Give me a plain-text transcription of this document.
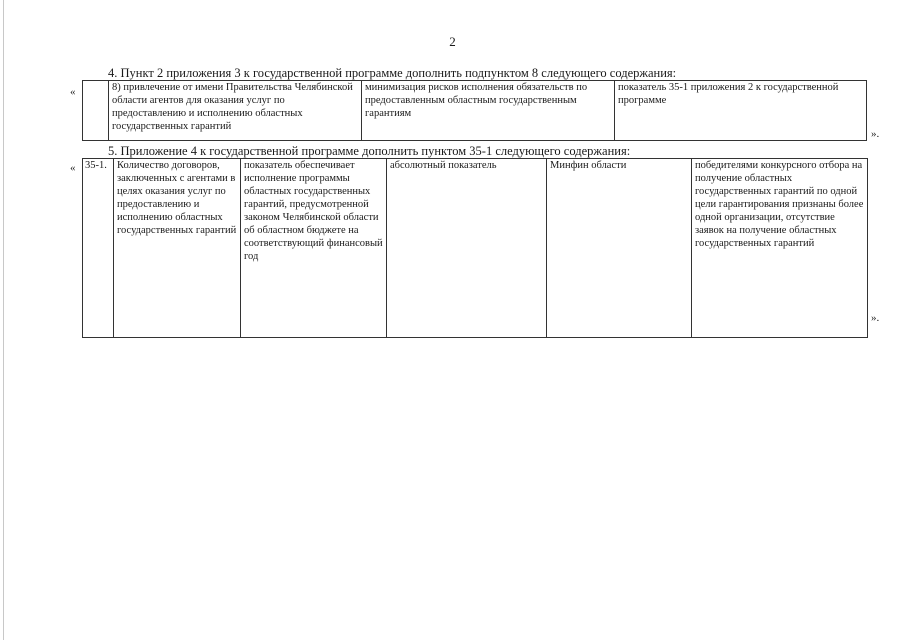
2
4. Пункт 2 приложения 3 к государственной программе дополнить подпунктом 8 следующего содержания:
«
		8) привлечение от имени Правительства Челябинской области агентов для оказания услуг по предоставлению и исполнению областных государственных гарантий	минимизация рисков исполнения обязательств по предоставленным областным государственным гарантиям	показатель 35-1 приложения 2 к государственной программе	
».
5. Приложение 4 к государственной программе дополнить пунктом 35-1 следующего содержания:
« 35-1.	Количество договоров, заключенных с агентами в целях оказания услуг по предоставлению и исполнению областных государственных гарантий	показатель обеспечивает исполнение программы областных государственных гарантий, предусмотренной законом Челябинской области об областном бюджете на соответствующий финансовый год	абсолютный показатель	Минфин области	победителями конкурсного отбора на получение областных государственных гарантий по одной цели гарантирования признаны более одной организации, отсутствие заявок на получение областных государственных гарантий
».
